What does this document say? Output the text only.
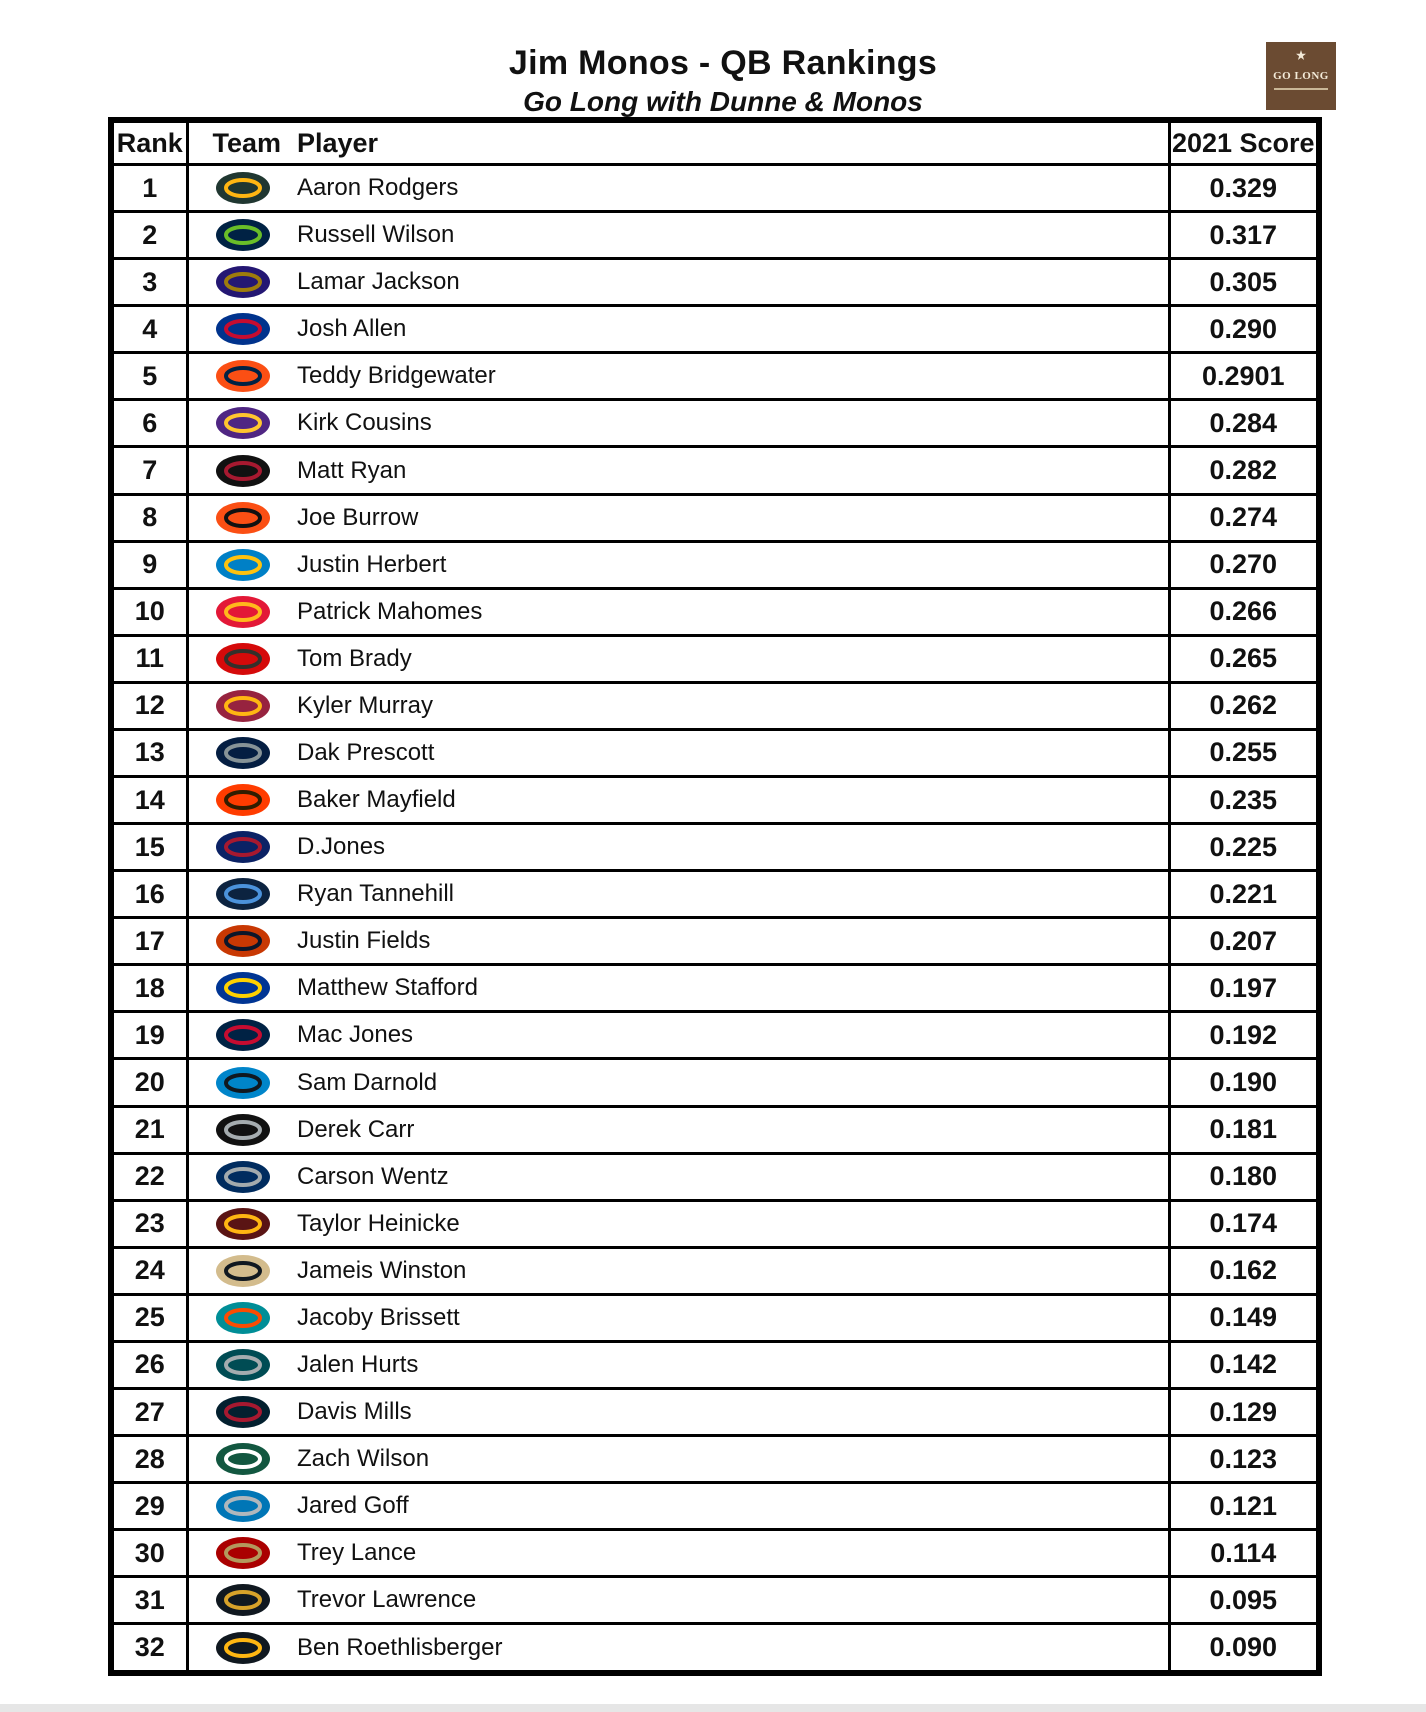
Jim Monos - QB Rankings
Go Long with Dunne & Monos
GO LONG
Rank	Team	Player	2021 Score
1		Aaron Rodgers	0.329
2		Russell Wilson	0.317
3		Lamar Jackson	0.305
4		Josh Allen	0.290
5		Teddy Bridgewater	0.2901
6		Kirk Cousins	0.284
7		Matt Ryan	0.282
8		Joe Burrow	0.274
9		Justin Herbert	0.270
10		Patrick Mahomes	0.266
11		Tom Brady	0.265
12		Kyler Murray	0.262
13		Dak Prescott	0.255
14		Baker Mayfield	0.235
15		D.Jones	0.225
16		Ryan Tannehill	0.221
17		Justin Fields	0.207
18		Matthew Stafford	0.197
19		Mac Jones	0.192
20		Sam Darnold	0.190
21		Derek Carr	0.181
22		Carson Wentz	0.180
23		Taylor Heinicke	0.174
24		Jameis Winston	0.162
25		Jacoby Brissett	0.149
26		Jalen Hurts	0.142
27		Davis Mills	0.129
28		Zach Wilson	0.123
29		Jared Goff	0.121
30		Trey Lance	0.114
31		Trevor Lawrence	0.095
32		Ben Roethlisberger	0.090
